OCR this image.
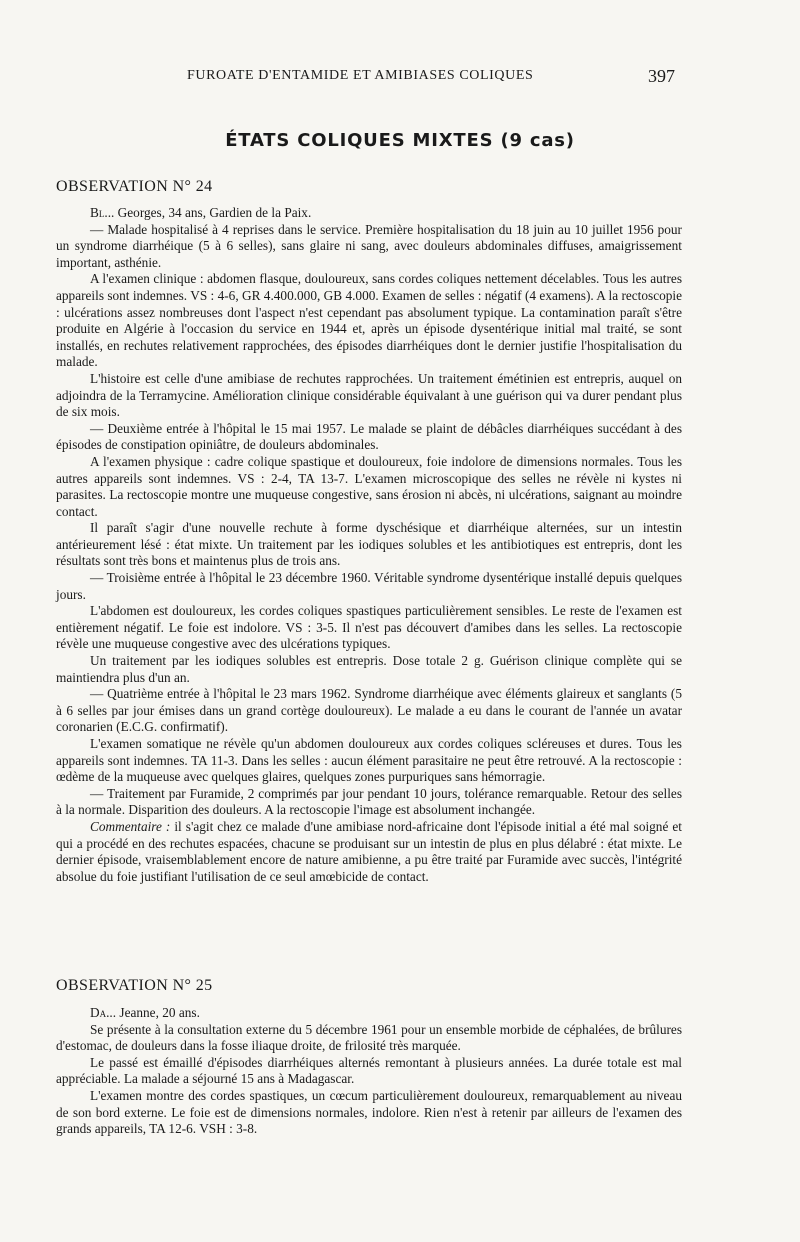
FUROATE D'ENTAMIDE ET AMIBIASES COLIQUES	397
ÉTATS COLIQUES MIXTES (9 cas)
OBSERVATION N° 24

Bl... Georges, 34 ans, Gardien de la Paix.

— Malade hospitalisé à 4 reprises dans le service. Première hospitalisation du 18 juin au 10 juillet 1956 pour un syndrome diarrhéique (5 à 6 selles), sans glaire ni sang, avec douleurs abdominales diffuses, amaigrissement important, asthénie.

A l'examen clinique : abdomen flasque, douloureux, sans cordes coliques nettement décelables. Tous les autres appareils sont indemnes. VS : 4-6, GR 4.400.000, GB 4.000. Examen de selles : négatif (4 examens). A la rectoscopie : ulcérations assez nombreuses dont l'aspect n'est cependant pas absolument typique. La contamination paraît s'être produite en Algérie à l'occasion du service en 1944 et, après un épisode dysentérique initial mal traité, se sont installés, en rechutes relativement rapprochées, des épisodes diarrhéiques dont le dernier justifie l'hospitalisation du malade.

L'histoire est celle d'une amibiase de rechutes rapprochées. Un traitement émétinien est entrepris, auquel on adjoindra de la Terramycine. Amélioration clinique considérable équivalant à une guérison qui va durer pendant plus de six mois.

— Deuxième entrée à l'hôpital le 15 mai 1957. Le malade se plaint de débâcles diarrhéiques succédant à des épisodes de constipation opiniâtre, de douleurs abdominales.

A l'examen physique : cadre colique spastique et douloureux, foie indolore de dimensions normales. Tous les autres appareils sont indemnes. VS : 2-4, TA 13-7. L'examen microscopique des selles ne révèle ni kystes ni parasites. La rectoscopie montre une muqueuse congestive, sans érosion ni abcès, ni ulcérations, saignant au moindre contact.

Il paraît s'agir d'une nouvelle rechute à forme dyschésique et diarrhéique alternées, sur un intestin antérieurement lésé : état mixte. Un traitement par les iodiques solubles et les antibiotiques est entrepris, dont les résultats sont très bons et maintenus plus de trois ans.

— Troisième entrée à l'hôpital le 23 décembre 1960. Véritable syndrome dysentérique installé depuis quelques jours.

L'abdomen est douloureux, les cordes coliques spastiques particulièrement sensibles. Le reste de l'examen est entièrement négatif. Le foie est indolore. VS : 3-5. Il n'est pas découvert d'amibes dans les selles. La rectoscopie révèle une muqueuse congestive avec des ulcérations typiques.

Un traitement par les iodiques solubles est entrepris. Dose totale 2 g. Guérison clinique complète qui se maintiendra plus d'un an.

— Quatrième entrée à l'hôpital le 23 mars 1962. Syndrome diarrhéique avec éléments glaireux et sanglants (5 à 6 selles par jour émises dans un grand cortège douloureux). Le malade a eu dans le courant de l'année un avatar coronarien (E.C.G. confirmatif).

L'examen somatique ne révèle qu'un abdomen douloureux aux cordes coliques scléreuses et dures. Tous les appareils sont indemnes. TA 11-3. Dans les selles : aucun élément parasitaire ne peut être retrouvé. A la rectoscopie : œdème de la muqueuse avec quelques glaires, quelques zones purpuriques sans hémorragie.

— Traitement par Furamide, 2 comprimés par jour pendant 10 jours, tolérance remarquable. Retour des selles à la normale. Disparition des douleurs. A la rectoscopie l'image est absolument inchangée.

Commentaire : il s'agit chez ce malade d'une amibiase nord-africaine dont l'épisode initial a été mal soigné et qui a procédé en des rechutes espacées, chacune se produisant sur un intestin de plus en plus délabré : état mixte. Le dernier épisode, vraisemblablement encore de nature amibienne, a pu être traité par Furamide avec succès, l'intégrité absolue du foie justifiant l'utilisation de ce seul amœbicide de contact.

OBSERVATION N° 25

Da... Jeanne, 20 ans.

Se présente à la consultation externe du 5 décembre 1961 pour un ensemble morbide de céphalées, de brûlures d'estomac, de douleurs dans la fosse iliaque droite, de frilosité très marquée.

Le passé est émaillé d'épisodes diarrhéiques alternés remontant à plusieurs années. La durée totale est mal appréciable. La malade a séjourné 15 ans à Madagascar.

L'examen montre des cordes spastiques, un cœcum particulièrement douloureux, remarquablement au niveau de son bord externe. Le foie est de dimensions normales, indolore. Rien n'est à retenir par ailleurs de l'examen des grands appareils, TA 12-6. VSH : 3-8.
